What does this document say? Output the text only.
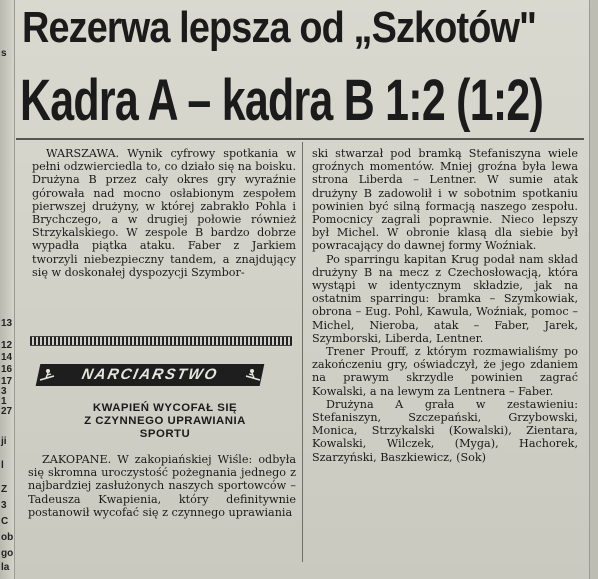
s
13
12
14
16
17
3
1
27
ji
l
Z
3
C
ob
go
la
Rezerwa lepsza od „Szkotów"
Kadra A – kadra B 1:2 (1:2)

WARSZAWA. Wynik cyfrowy spotkania w pełni odzwierciedla to, co działo się na boisku. Drużyna B przez cały okres gry wyraźnie górowała nad mocno osłabionym zespołem pierwszej drużyny, w której zabrakło Pohla i Brychczego, a w drugiej połowie również Strzykalskiego. W zespole B bardzo dobrze wypadła piątka ataku. Faber z Jarkiem tworzyli niebezpieczny tandem, a znajdujący się w doskonałej dyspozycji Szymbor-

ski stwarzał pod bramką Stefaniszyna wiele groźnych momentów. Mniej groźna była lewa strona Liberda – Lentner. W sumie atak drużyny B zadowolił i w sobotnim spotkaniu powinien być silną formacją naszego zespołu. Pomocnicy zagrali poprawnie. Nieco lepszy był Michel. W obronie klasą dla siebie był powracający do dawnej formy Woźniak.

Po sparringu kapitan Krug podał nam skład drużyny B na mecz z Czechosłowacją, która wystąpi w identycznym składzie, jak na ostatnim sparringu: bramka – Szymkowiak, obrona – Eug. Pohl, Kawula, Woźniak, pomoc – Michel, Nieroba, atak – Faber, Jarek, Szymborski, Liberda, Lentner.

Trener Prouff, z którym rozmawialiśmy po zakończeniu gry, oświadczył, że jego zdaniem na prawym skrzydle powinien zagrać Kowalski, a na lewym za Lentnera – Faber.

Drużyna A grała w zestawieniu: Stefaniszyn, Szczepański, Grzybowski, Monica, Strzykalski (Kowalski), Zientara, Kowalski, Wilczek, (Myga), Hachorek, Szarzyński, Baszkiewicz, (Sok)

NARCIARSTWO
KWAPIEŃ WYCOFAŁ SIĘ
Z CZYNNEGO UPRAWIANIA
SPORTU

ZAKOPANE. W zakopiańskiej Wiśle: odbyła się skromna uroczystość pożegnania jednego z najbardziej zasłużonych naszych sportowców – Tadeusza Kwapienia, który definitywnie postanowił wycofać się z czynnego uprawiania
